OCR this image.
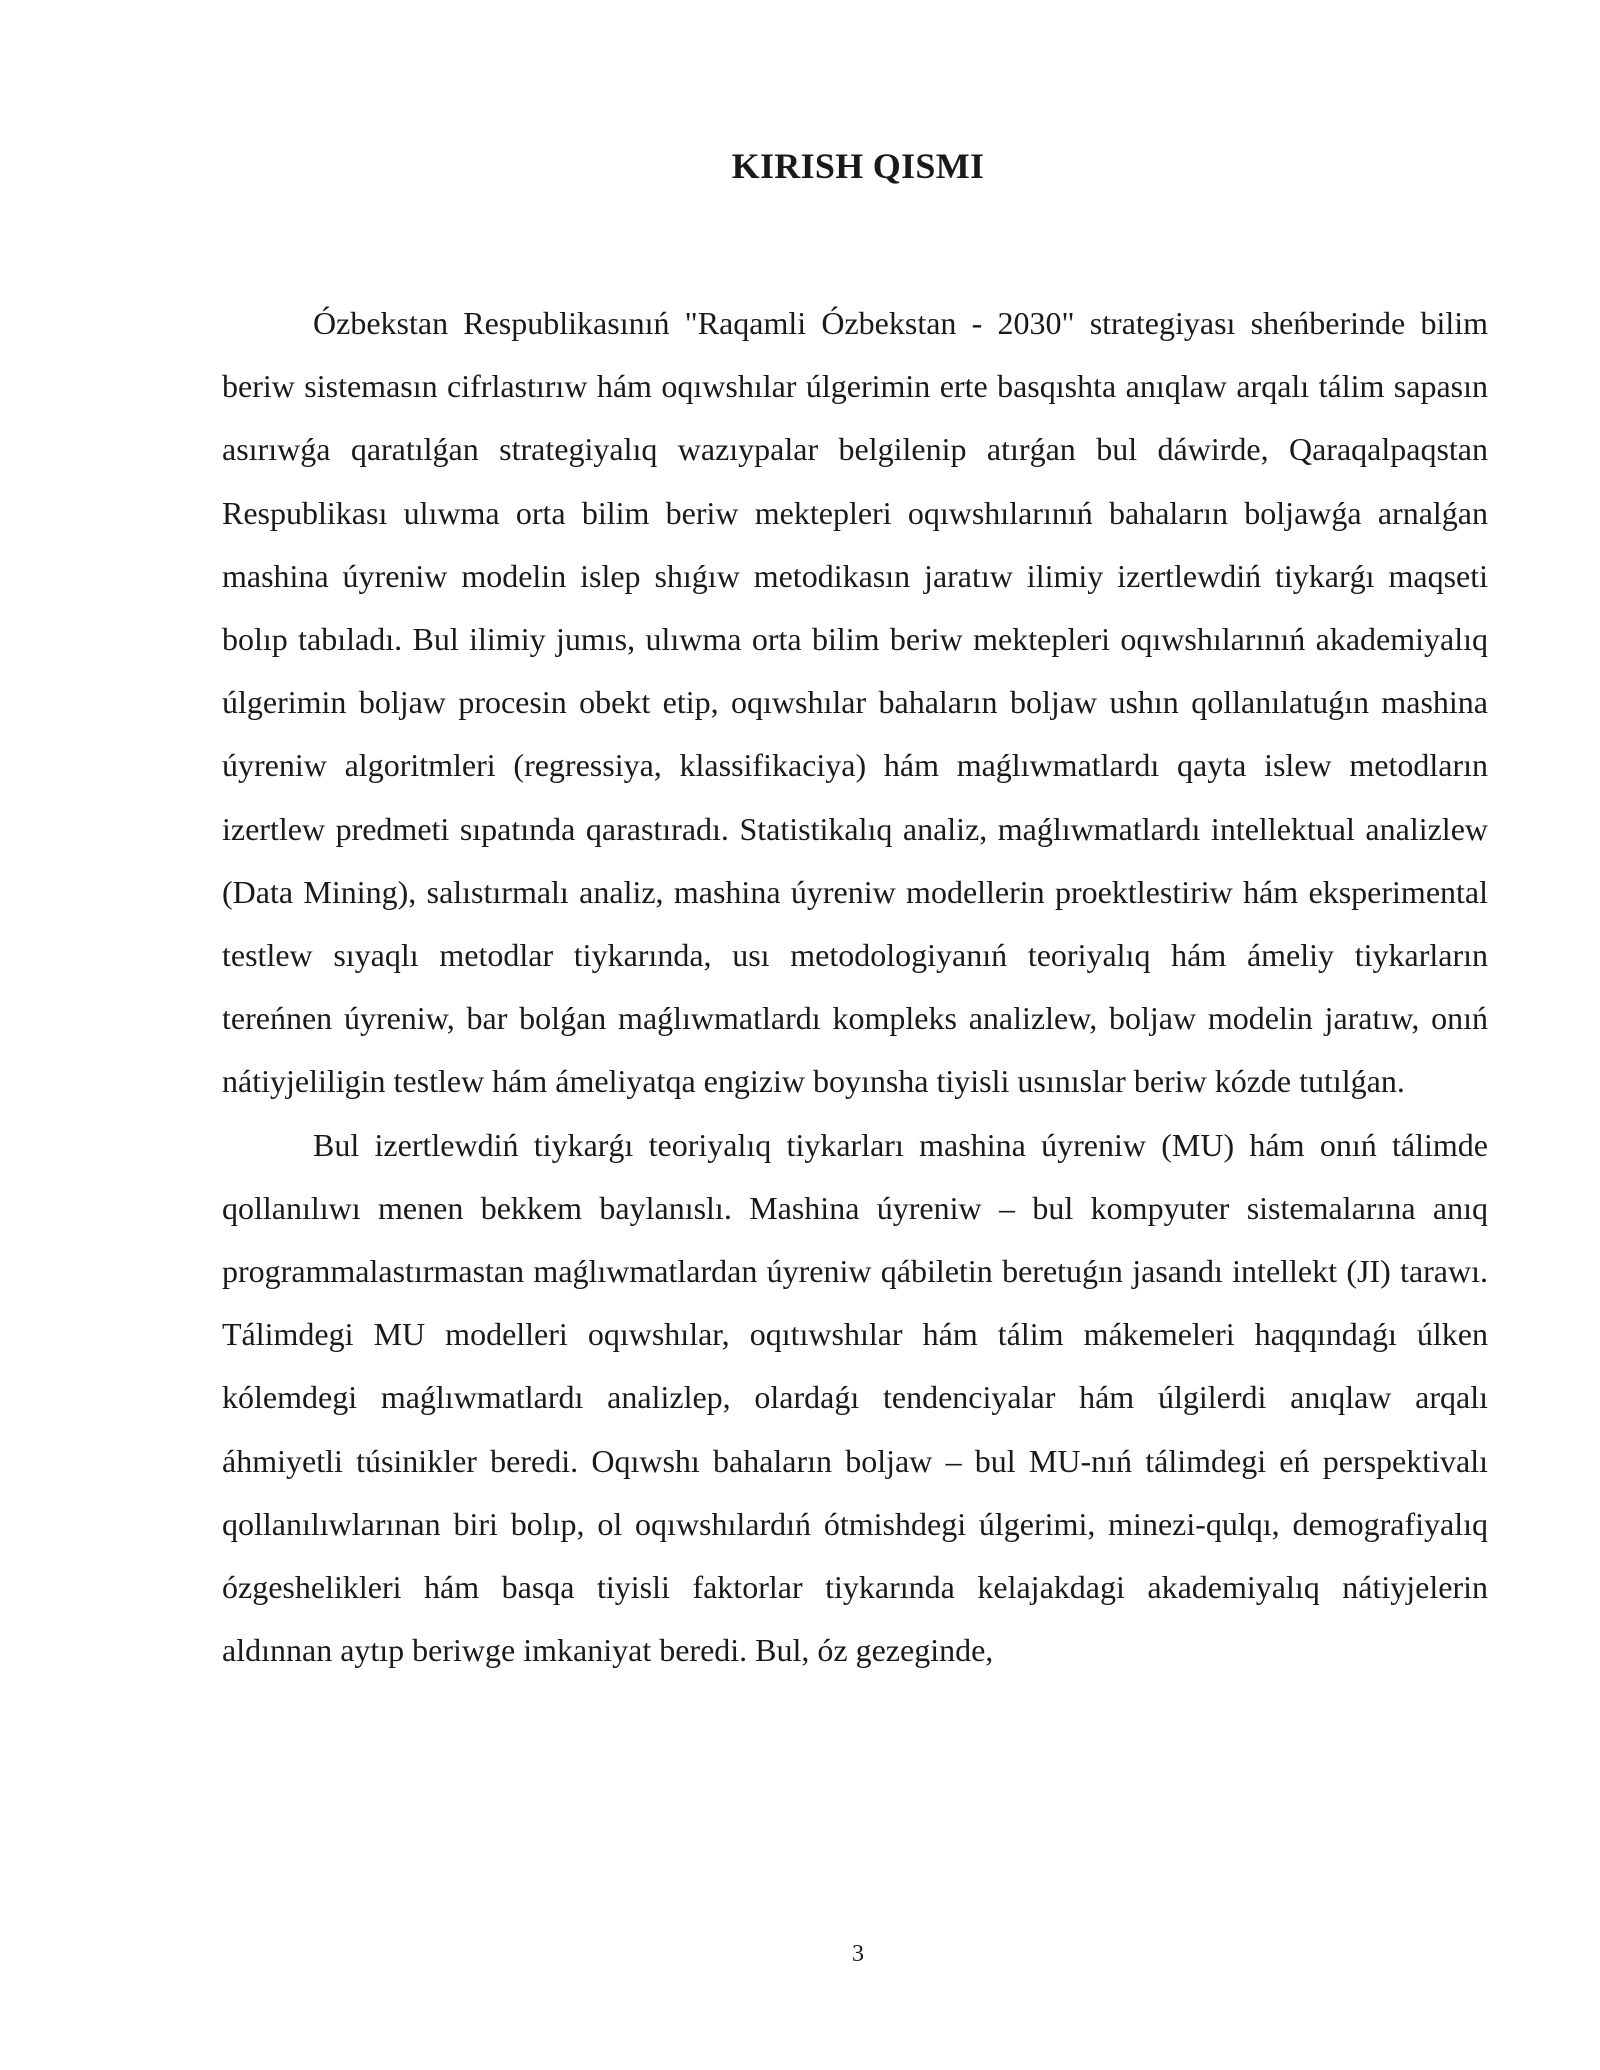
KIRISH QISMI

Ózbekstan Respublikasınıń "Raqamli Ózbekstan - 2030" strategiyası sheńberinde bilim beriw sistemasın cifrlastırıw hám oqıwshılar úlgerimin erte basqıshta anıqlaw arqalı tálim sapasın asırıwǵa qaratılǵan strategiyalıq wazıypalar belgilenip atırǵan bul dáwirde, Qaraqalpaqstan Respublikası ulıwma orta bilim beriw mektepleri oqıwshılarınıń bahaların boljawǵa arnalǵan mashina úyreniw modelin islep shıǵıw metodikasın jaratıw ilimiy izertlewdiń tiykarǵı maqseti bolıp tabıladı. Bul ilimiy jumıs, ulıwma orta bilim beriw mektepleri oqıwshılarınıń akademiyalıq úlgerimin boljaw procesin obekt etip, oqıwshılar bahaların boljaw ushın qollanılatuǵın mashina úyreniw algoritmleri (regressiya, klassifikaciya) hám maǵlıwmatlardı qayta islew metodların izertlew predmeti sıpatında qarastıradı. Statistikalıq analiz, maǵlıwmatlardı intellektual analizlew (Data Mining), salıstırmalı analiz, mashina úyreniw modellerin proektlestiriw hám eksperimental testlew sıyaqlı metodlar tiykarında, usı metodologiyanıń teoriyalıq hám ámeliy tiykarların tereńnen úyreniw, bar bolǵan maǵlıwmatlardı kompleks analizlew, boljaw modelin jaratıw, onıń nátiyjeliligin testlew hám ámeliyatqa engiziw boyınsha tiyisli usınıslar beriw kózde tutılǵan.

Bul izertlewdiń tiykarǵı teoriyalıq tiykarları mashina úyreniw (MU) hám onıń tálimde qollanılıwı menen bekkem baylanıslı. Mashina úyreniw – bul kompyuter sistemalarına anıq programmalastırmastan maǵlıwmatlardan úyreniw qábiletin beretuǵın jasandı intellekt (JI) tarawı. Tálimdegi MU modelleri oqıwshılar, oqıtıwshılar hám tálim mákemeleri haqqındaǵı úlken kólemdegi maǵlıwmatlardı analizlep, olardaǵı tendenciyalar hám úlgilerdi anıqlaw arqalı áhmiyetli túsinikler beredi. Oqıwshı bahaların boljaw – bul MU-nıń tálimdegi eń perspektivalı qollanılıwlarınan biri bolıp, ol oqıwshılardıń ótmishdegi úlgerimi, minezi-qulqı, demografiyalıq ózgeshelikleri hám basqa tiyisli faktorlar tiykarında kelajakdagi akademiyalıq nátiyjelerin aldınnan aytıp beriwge imkaniyat beredi. Bul, óz gezeginde,

3
